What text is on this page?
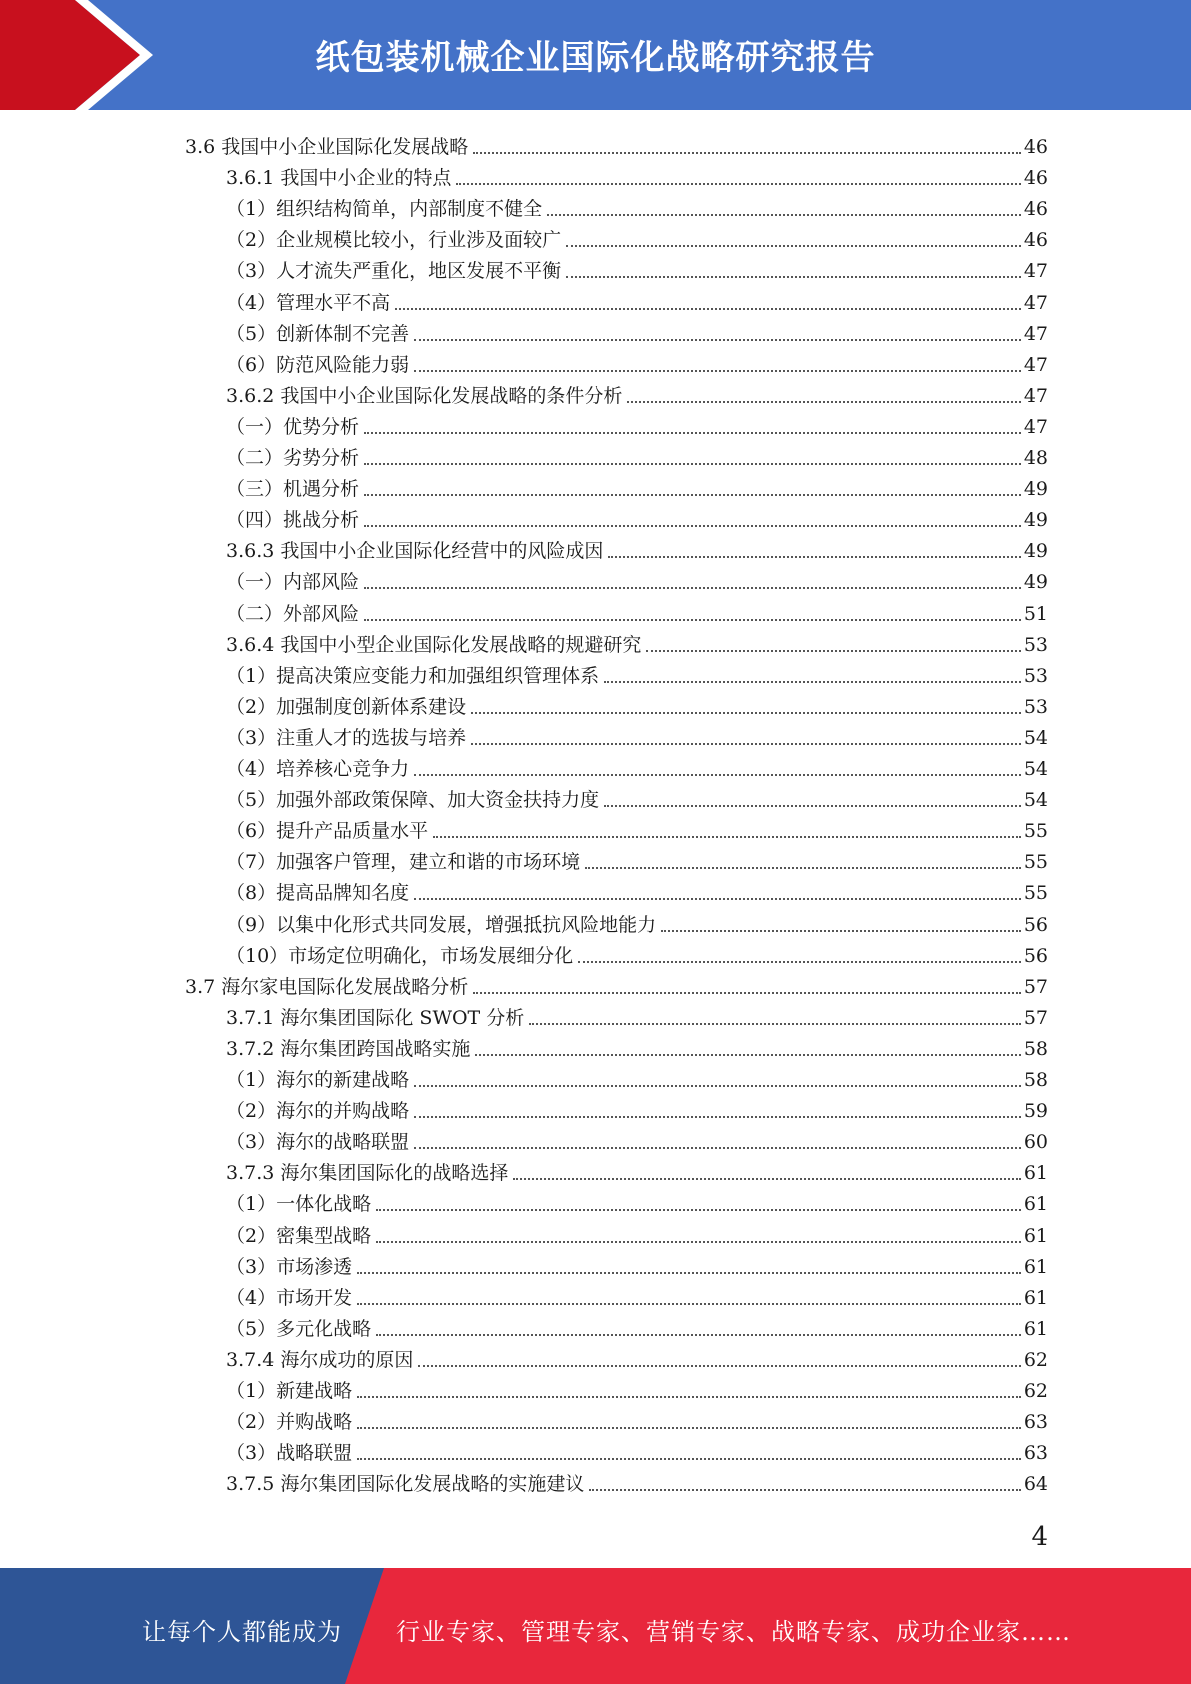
纸包装机械企业国际化战略研究报告
3.6 我国中小企业国际化发展战略	46
3.6.1 我国中小企业的特点	46
（1）组织结构简单，内部制度不健全	46
（2）企业规模比较小，行业涉及面较广	46
（3）人才流失严重化，地区发展不平衡	47
（4）管理水平不高	47
（5）创新体制不完善	47
（6）防范风险能力弱	47
3.6.2 我国中小企业国际化发展战略的条件分析	47
（一）优势分析	47
（二）劣势分析	48
（三）机遇分析	49
（四）挑战分析	49
3.6.3 我国中小企业国际化经营中的风险成因	49
（一）内部风险	49
（二）外部风险	51
3.6.4 我国中小型企业国际化发展战略的规避研究	53
（1）提高决策应变能力和加强组织管理体系	53
（2）加强制度创新体系建设	53
（3）注重人才的选拔与培养	54
（4）培养核心竞争力	54
（5）加强外部政策保障、加大资金扶持力度	54
（6）提升产品质量水平	55
（7）加强客户管理，建立和谐的市场环境	55
（8）提高品牌知名度	55
（9）以集中化形式共同发展，增强抵抗风险地能力	56
（10）市场定位明确化，市场发展细分化	56
3.7 海尔家电国际化发展战略分析	57
3.7.1 海尔集团国际化 SWOT 分析	57
3.7.2 海尔集团跨国战略实施	58
（1）海尔的新建战略	58
（2）海尔的并购战略	59
（3）海尔的战略联盟	60
3.7.3 海尔集团国际化的战略选择	61
（1）一体化战略	61
（2）密集型战略	61
（3）市场渗透	61
（4）市场开发	61
（5）多元化战略	61
3.7.4 海尔成功的原因	62
（1）新建战略	62
（2）并购战略	63
（3）战略联盟	63
3.7.5 海尔集团国际化发展战略的实施建议	64
4
让每个人都能成为 行业专家、管理专家、营销专家、战略专家、成功企业家……
